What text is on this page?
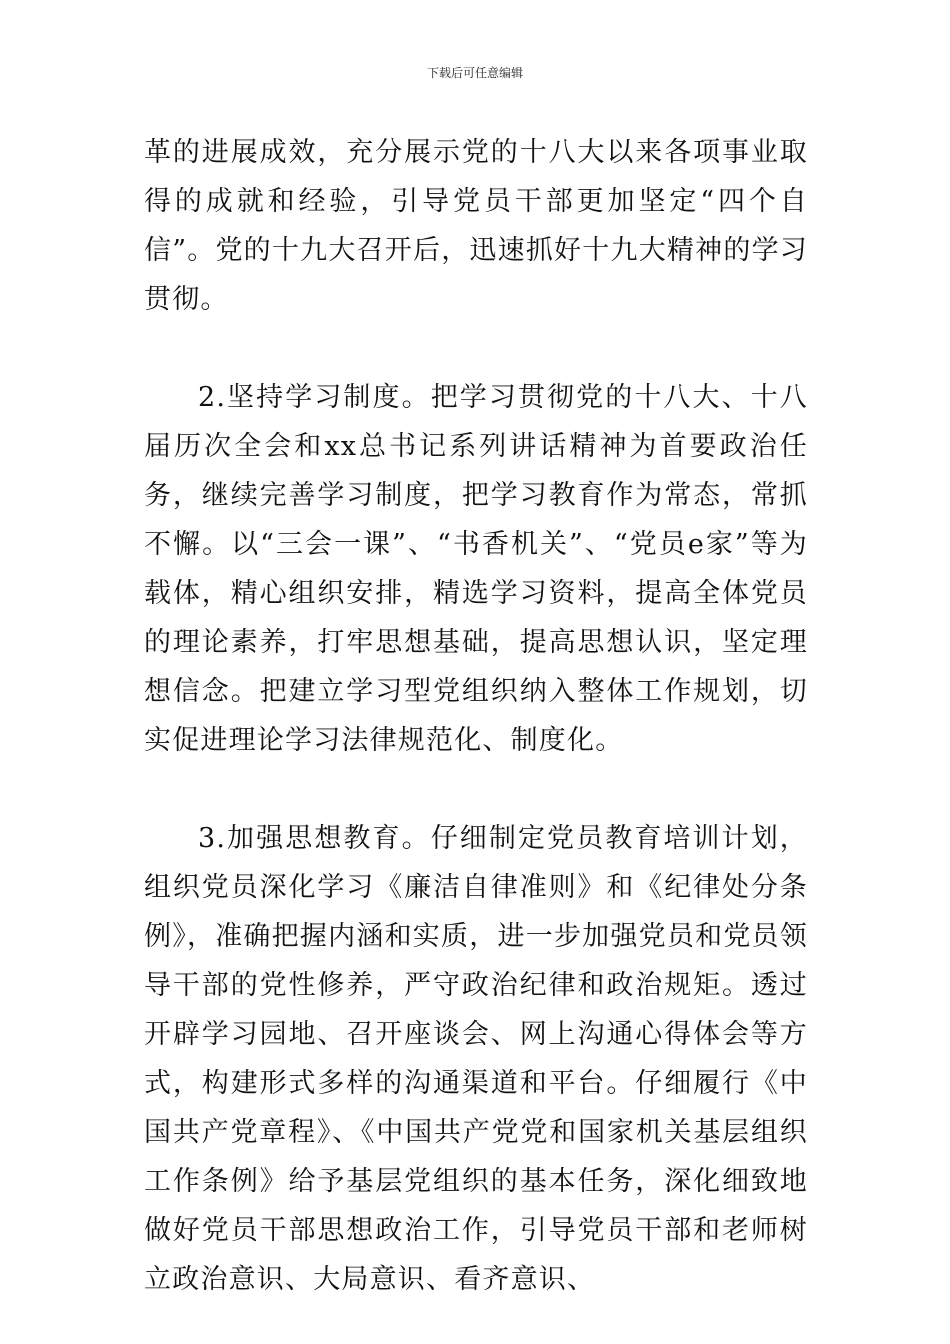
下载后可任意编辑

革的进展成效，充分展示党的十八大以来各项事业取得的成就和经验，引导党员干部更加坚定“四个自信”。党的十九大召开后，迅速抓好十九大精神的学习贯彻。

2.坚持学习制度。把学习贯彻党的十八大、十八届历次全会和xx总书记系列讲话精神为首要政治任务，继续完善学习制度，把学习教育作为常态，常抓不懈。以“三会一课”、“书香机关”、“党员e家”等为载体，精心组织安排，精选学习资料，提高全体党员的理论素养，打牢思想基础，提高思想认识，坚定理想信念。把建立学习型党组织纳入整体工作规划，切实促进理论学习法律规范化、制度化。

3.加强思想教育。仔细制定党员教育培训计划，组织党员深化学习《廉洁自律准则》和《纪律处分条例》，准确把握内涵和实质，进一步加强党员和党员领导干部的党性修养，严守政治纪律和政治规矩。透过开辟学习园地、召开座谈会、网上沟通心得体会等方式，构建形式多样的沟通渠道和平台。仔细履行《中国共产党章程》、《中国共产党党和国家机关基层组织工作条例》给予基层党组织的基本任务，深化细致地做好党员干部思想政治工作，引导党员干部和老师树立政治意识、大局意识、看齐意识、
